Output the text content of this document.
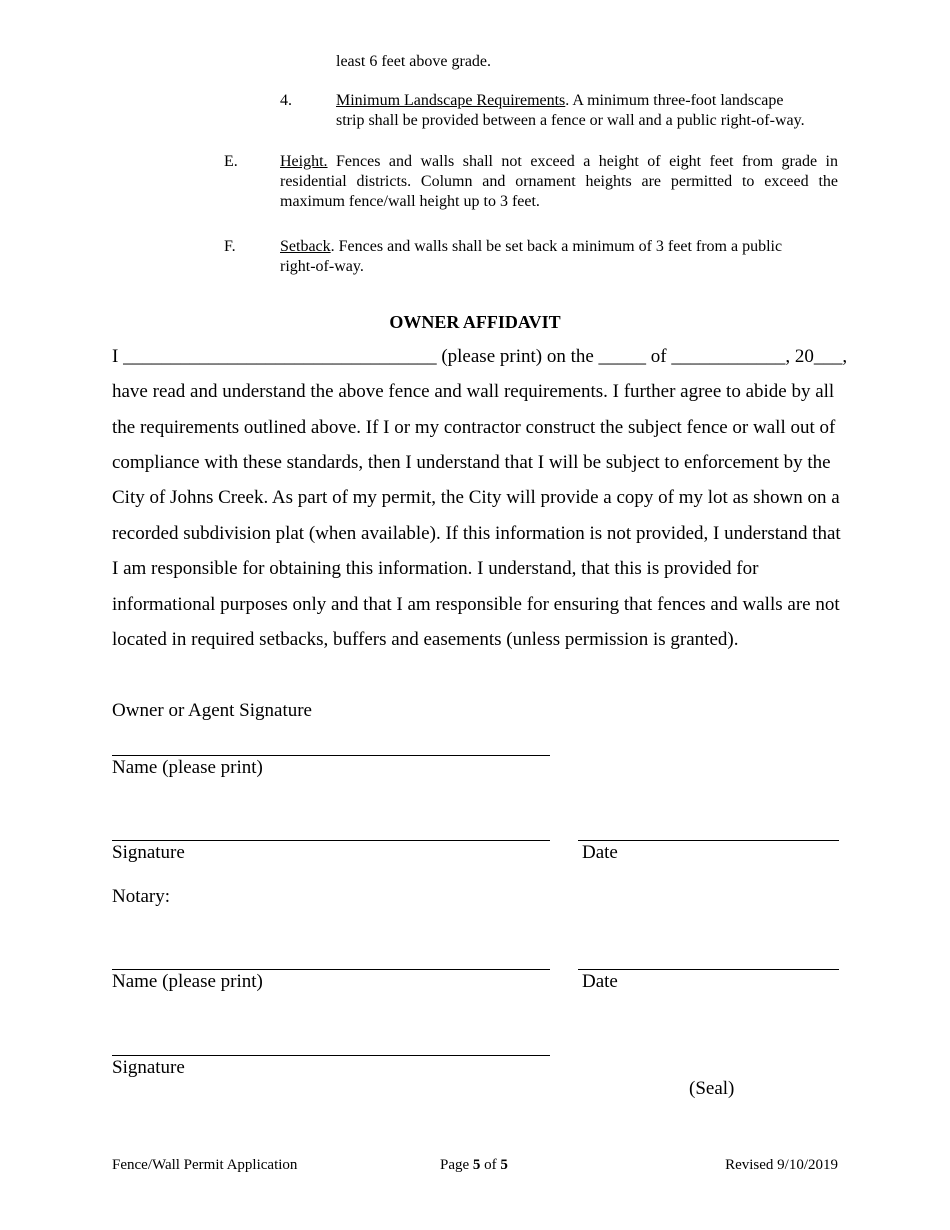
least 6 feet above grade.
4.	Minimum Landscape Requirements. A minimum three-foot landscape
strip shall be provided between a fence or wall and a public right-of-way.
E.	Height. Fences and walls shall not exceed a height of eight feet from grade in residential districts. Column and ornament heights are permitted to exceed the maximum fence/wall height up to 3 feet.
F.	Setback. Fences and walls shall be set back a minimum of 3 feet from a public
right-of-way.
OWNER AFFIDAVIT
I _________________________________ (please print) on the _____ of ____________, 20___,
have read and understand the above fence and wall requirements. I further agree to abide by all
the requirements outlined above. If I or my contractor construct the subject fence or wall out of
compliance with these standards, then I understand that I will be subject to enforcement by the
City of Johns Creek. As part of my permit, the City will provide a copy of my lot as shown on a
recorded subdivision plat (when available). If this information is not provided, I understand that
I am responsible for obtaining this information. I understand, that this is provided for
informational purposes only and that I am responsible for ensuring that fences and walls are not
located in required setbacks, buffers and easements (unless permission is granted).
Owner or Agent Signature
Name (please print)
Signature	Date
Notary:
Name (please print)	Date
Signature
(Seal)
Fence/Wall Permit Application	Page 5 of 5	Revised 9/10/2019
